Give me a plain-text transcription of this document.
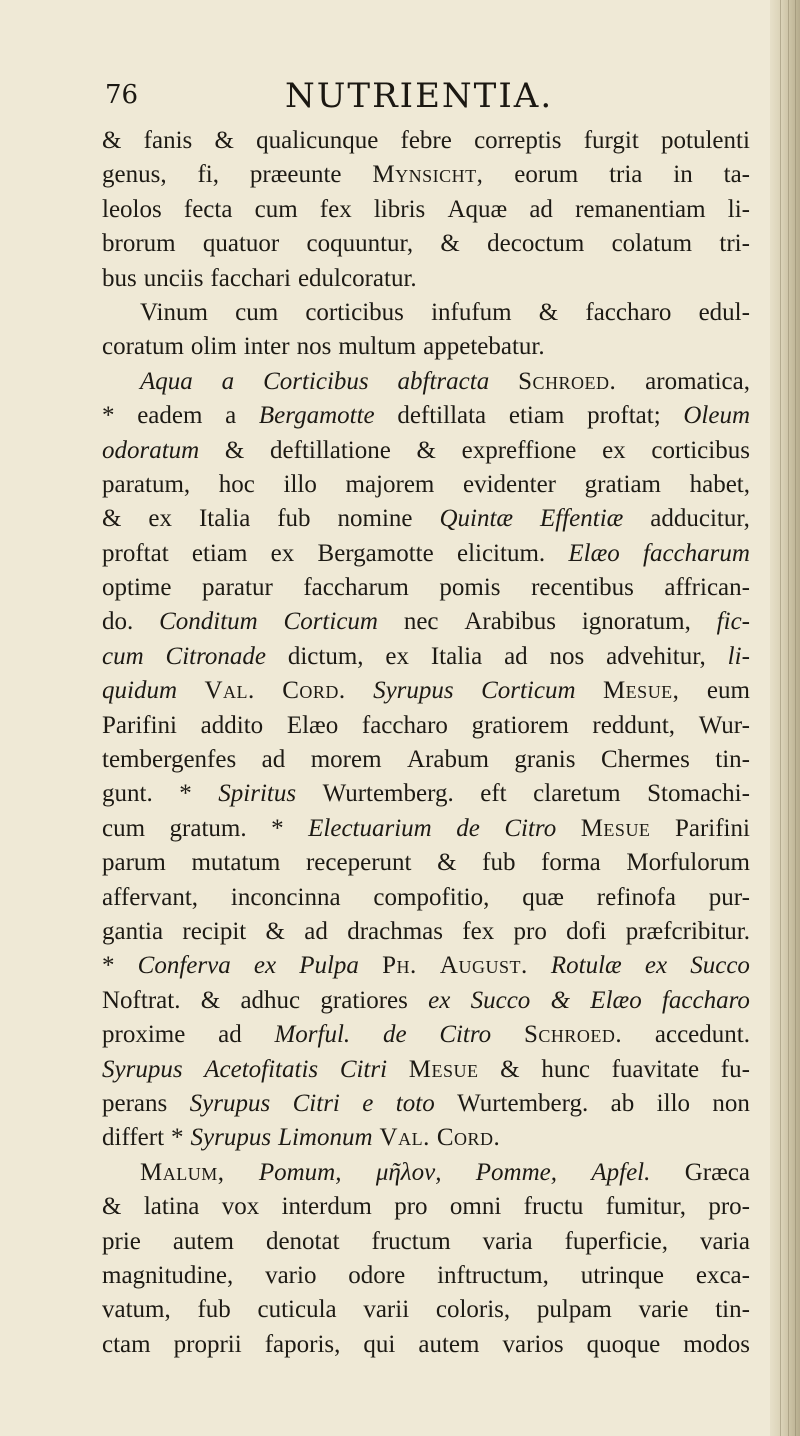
76	NUTRIENTIA.
& fanis & qualicunque febre correptis furgit potulenti
genus, fi, præeunte Mynsicht, eorum tria in ta-
leolos fecta cum fex libris Aquæ ad remanentiam li-
brorum quatuor coquuntur, & decoctum colatum tri-
bus unciis facchari edulcoratur.
Vinum cum corticibus infufum & faccharo edul-
coratum olim inter nos multum appetebatur.
Aqua a Corticibus abftracta Schroed. aromatica,
* eadem a Bergamotte deftillata etiam proftat; Oleum
odoratum & deftillatione & expreffione ex corticibus
paratum, hoc illo majorem evidenter gratiam habet,
& ex Italia fub nomine Quintæ Effentiæ adducitur,
proftat etiam ex Bergamotte elicitum. Elæo faccharum
optime paratur faccharum pomis recentibus affrican-
do. Conditum Corticum nec Arabibus ignoratum, fic-
cum Citronade dictum, ex Italia ad nos advehitur, li-
quidum Val. Cord. Syrupus Corticum Mesue, eum
Parifini addito Elæo faccharo gratiorem reddunt, Wur-
tembergenfes ad morem Arabum granis Chermes tin-
gunt. * Spiritus Wurtemberg. eft claretum Stomachi-
cum gratum. * Electuarium de Citro Mesue Parifini
parum mutatum receperunt & fub forma Morfulorum
affervant, inconcinna compofitio, quæ refinofa pur-
gantia recipit & ad drachmas fex pro dofi præfcribitur.
* Conferva ex Pulpa Ph. August. Rotulæ ex Succo
Noftrat. & adhuc gratiores ex Succo & Elæo faccharo
proxime ad Morful. de Citro Schroed. accedunt.
Syrupus Acetofitatis Citri Mesue & hunc fuavitate fu-
perans Syrupus Citri e toto Wurtemberg. ab illo non
differt * Syrupus Limonum Val. Cord.
Malum, Pomum, μῆλον, Pomme, Apfel. Græca
& latina vox interdum pro omni fructu fumitur, pro-
prie autem denotat fructum varia fuperficie, varia
magnitudine, vario odore inftructum, utrinque exca-
vatum, fub cuticula varii coloris, pulpam varie tin-
ctam proprii faporis, qui autem varios quoque modos
